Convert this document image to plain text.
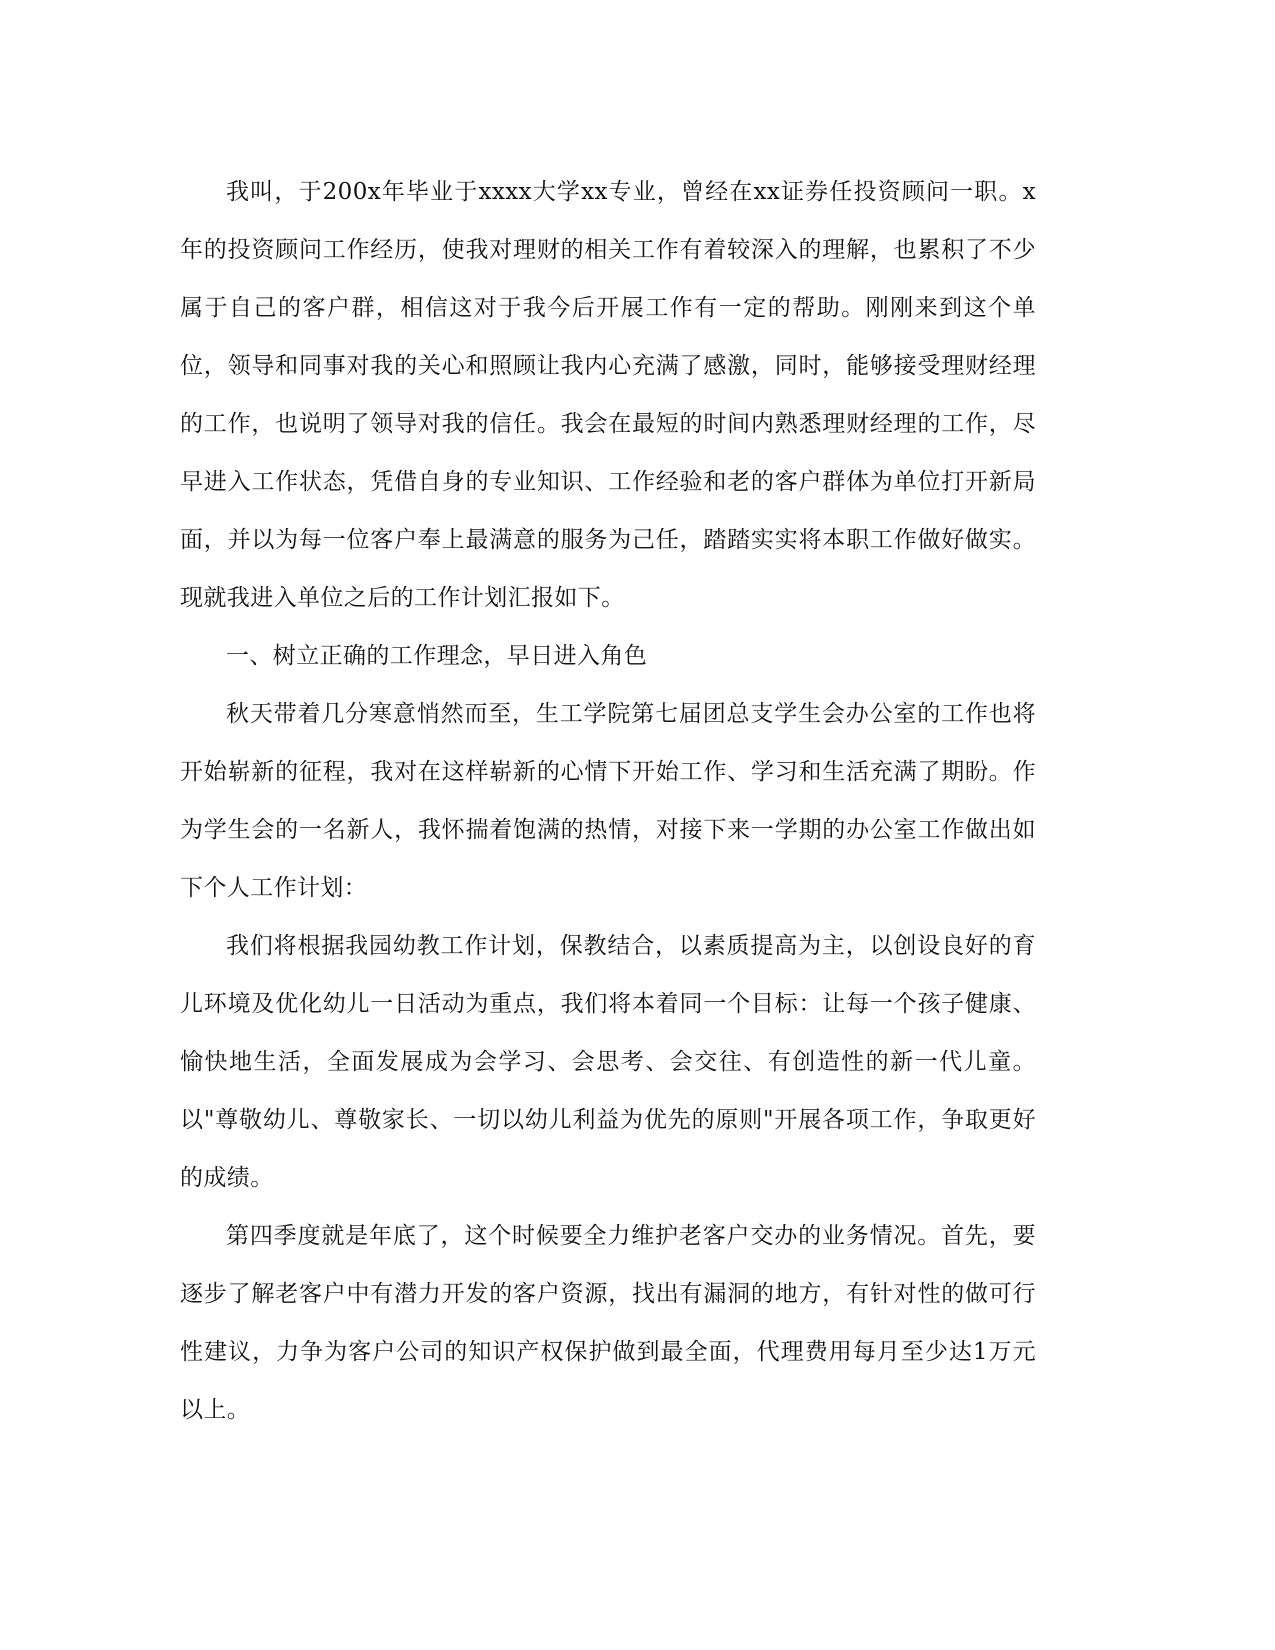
我叫，于200x年毕业于xxxx大学xx专业，曾经在xx证券任投资顾问一职。x年的投资顾问工作经历，使我对理财的相关工作有着较深入的理解，也累积了不少属于自己的客户群，相信这对于我今后开展工作有一定的帮助。刚刚来到这个单位，领导和同事对我的关心和照顾让我内心充满了感激，同时，能够接受理财经理的工作，也说明了领导对我的信任。我会在最短的时间内熟悉理财经理的工作，尽早进入工作状态，凭借自身的专业知识、工作经验和老的客户群体为单位打开新局面，并以为每一位客户奉上最满意的服务为己任，踏踏实实将本职工作做好做实。现就我进入单位之后的工作计划汇报如下。

一、树立正确的工作理念，早日进入角色

秋天带着几分寒意悄然而至，生工学院第七届团总支学生会办公室的工作也将开始崭新的征程，我对在这样崭新的心情下开始工作、学习和生活充满了期盼。作为学生会的一名新人，我怀揣着饱满的热情，对接下来一学期的办公室工作做出如下个人工作计划：

我们将根据我园幼教工作计划，保教结合，以素质提高为主，以创设良好的育儿环境及优化幼儿一日活动为重点，我们将本着同一个目标：让每一个孩子健康、愉快地生活，全面发展成为会学习、会思考、会交往、有创造性的新一代儿童。以"尊敬幼儿、尊敬家长、一切以幼儿利益为优先的原则"开展各项工作，争取更好的成绩。

第四季度就是年底了，这个时候要全力维护老客户交办的业务情况。首先，要逐步了解老客户中有潜力开发的客户资源，找出有漏洞的地方，有针对性的做可行性建议，力争为客户公司的知识产权保护做到最全面，代理费用每月至少达1万元以上。
